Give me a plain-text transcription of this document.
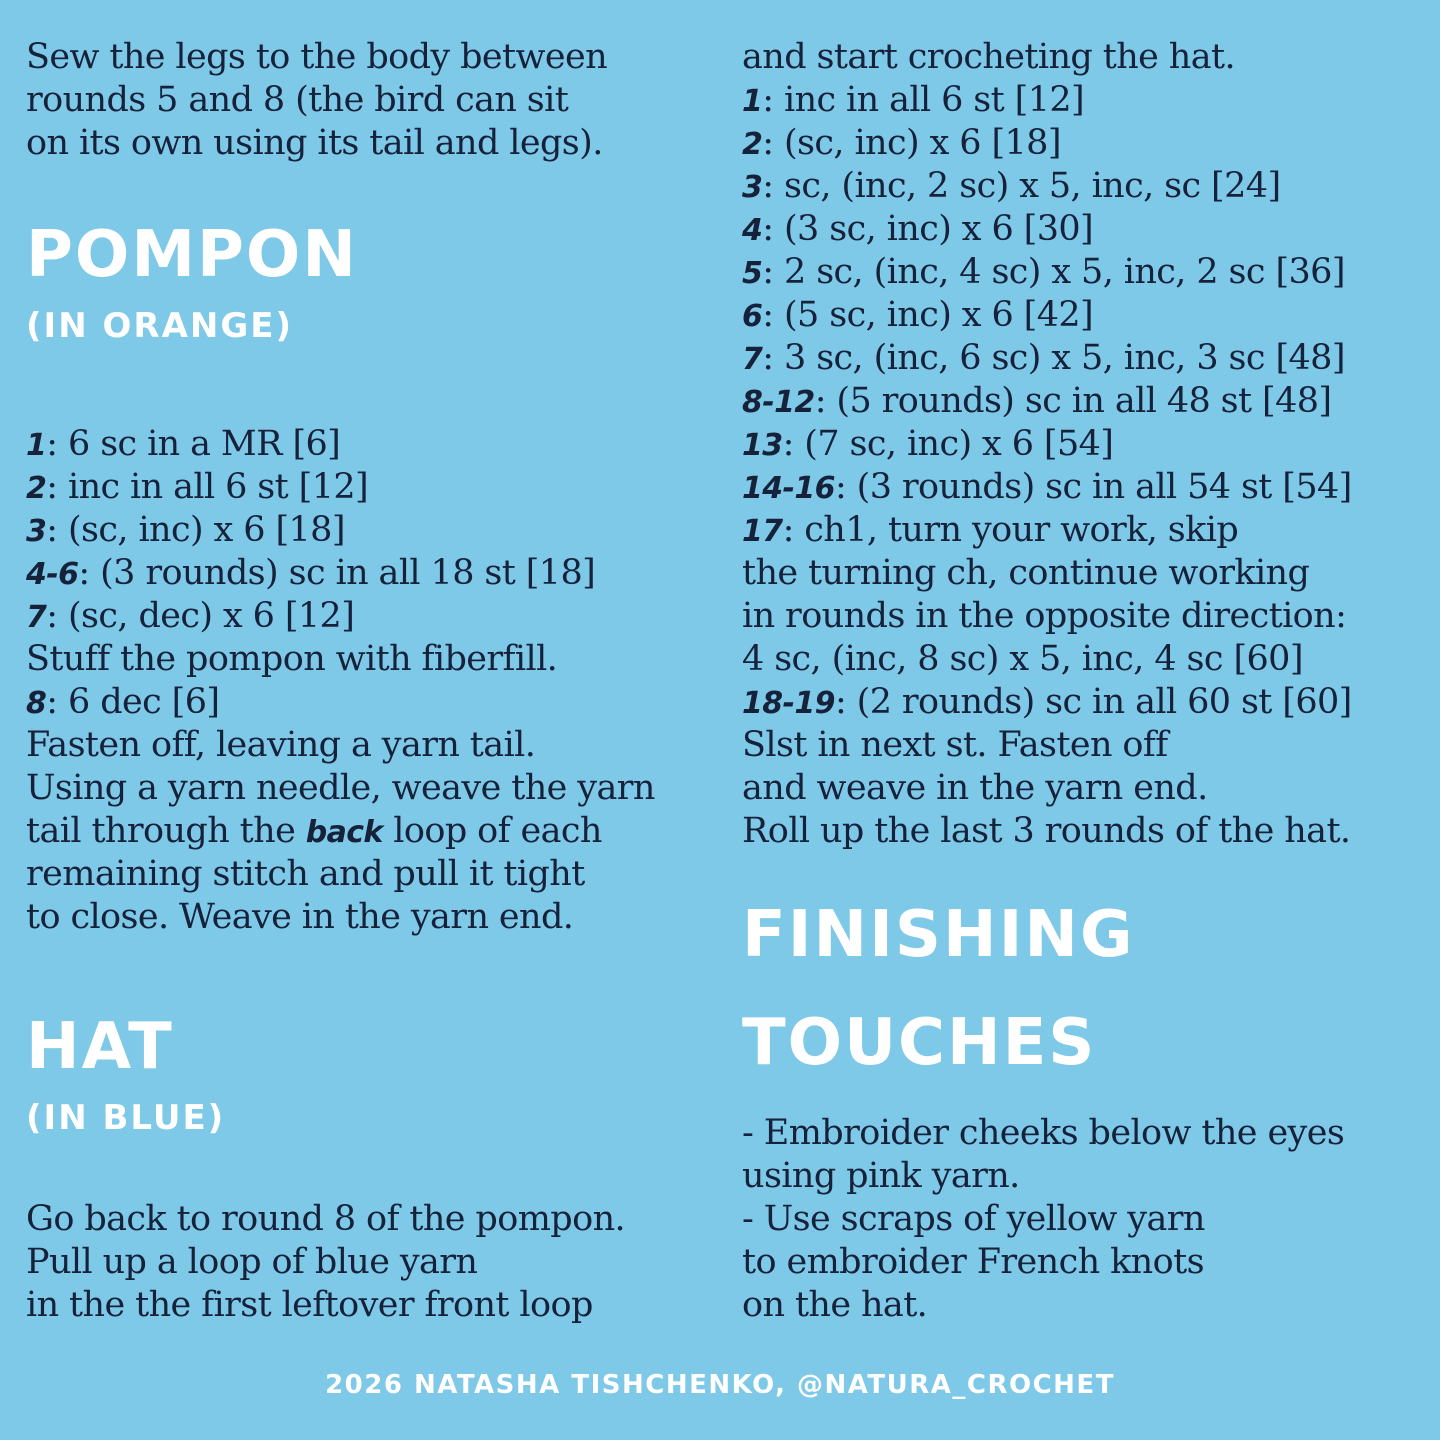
Sew the legs to the body between
rounds 5 and 8 (the bird can sit
on its own using its tail and legs).
POMPON
(IN ORANGE)
1: 6 sc in a MR [6]
2: inc in all 6 st [12]
3: (sc, inc) x 6 [18]
4-6: (3 rounds) sc in all 18 st [18]
7: (sc, dec) x 6 [12]
Stuff the pompon with fiberfill.
8: 6 dec [6]
Fasten off, leaving a yarn tail.
Using a yarn needle, weave the yarn
tail through the back loop of each
remaining stitch and pull it tight
to close. Weave in the yarn end.
HAT
(IN BLUE)
Go back to round 8 of the pompon.
Pull up a loop of blue yarn
in the the first leftover front loop
and start crocheting the hat.
1: inc in all 6 st [12]
2: (sc, inc) x 6 [18]
3: sc, (inc, 2 sc) x 5, inc, sc [24]
4: (3 sc, inc) x 6 [30]
5: 2 sc, (inc, 4 sc) x 5, inc, 2 sc [36]
6: (5 sc, inc) x 6 [42]
7: 3 sc, (inc, 6 sc) x 5, inc, 3 sc [48]
8-12: (5 rounds) sc in all 48 st [48]
13: (7 sc, inc) x 6 [54]
14-16: (3 rounds) sc in all 54 st [54]
17: ch1, turn your work, skip
the turning ch, continue working
in rounds in the opposite direction:
4 sc, (inc, 8 sc) x 5, inc, 4 sc [60]
18-19: (2 rounds) sc in all 60 st [60]
Slst in next st. Fasten off
and weave in the yarn end.
Roll up the last 3 rounds of the hat.
FINISHING
TOUCHES
- Embroider cheeks below the eyes
using pink yarn.
- Use scraps of yellow yarn
to embroider French knots
on the hat.
2026 NATASHA TISHCHENKO, @NATURA_CROCHET
